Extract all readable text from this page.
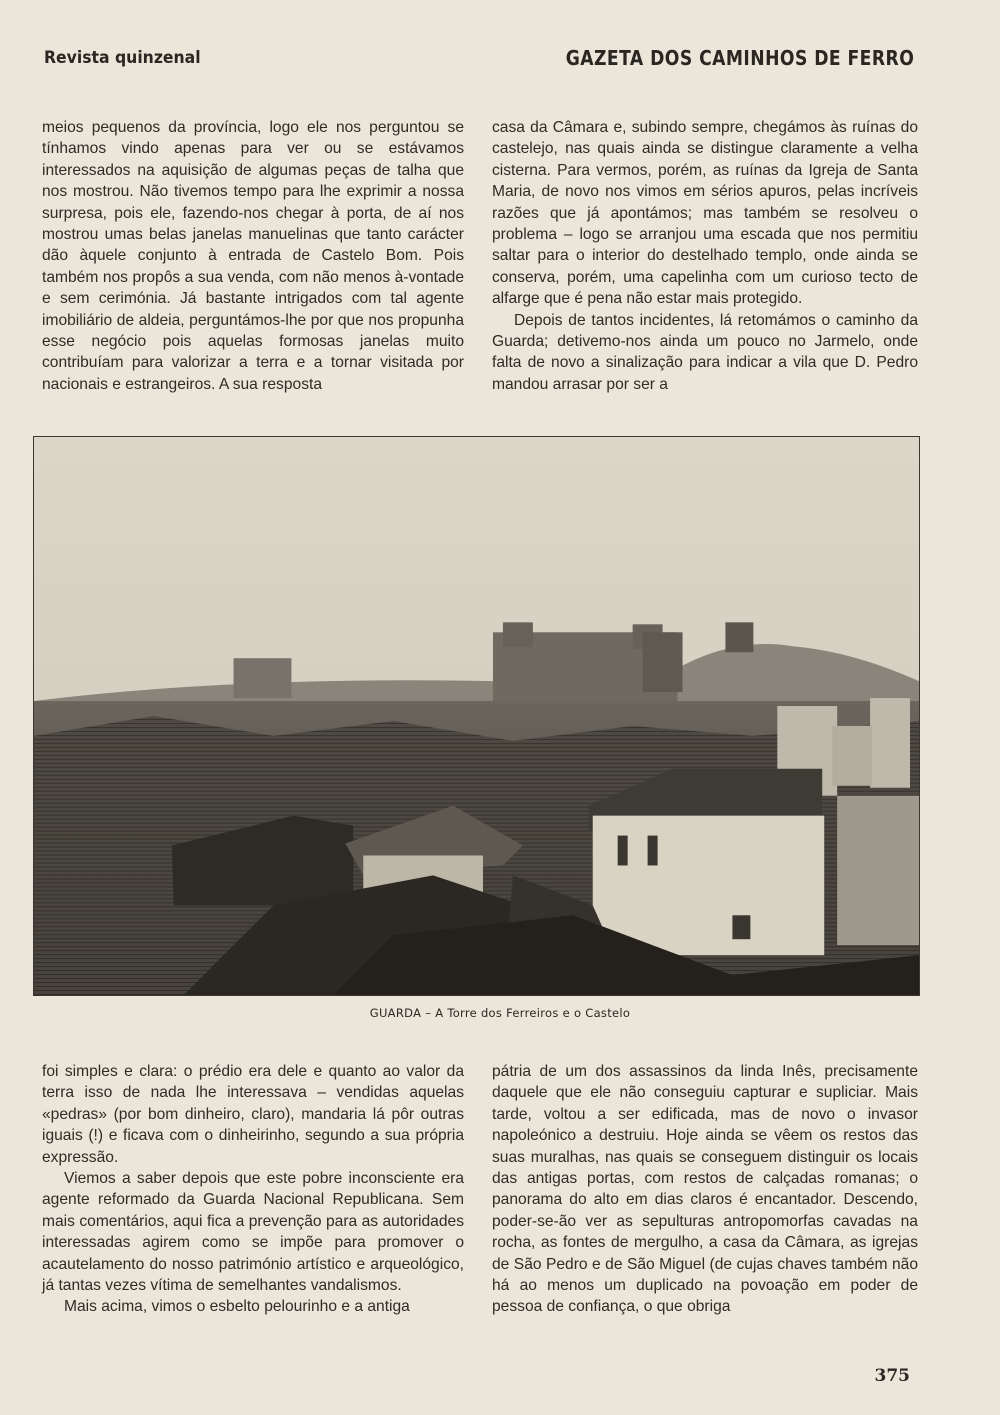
Revista quinzenal	GAZETA DOS CAMINHOS DE FERRO

meios pequenos da província, logo ele nos perguntou se tínhamos vindo apenas para ver ou se estávamos interessados na aquisição de algumas peças de talha que nos mostrou. Não tivemos tempo para lhe exprimir a nossa surpresa, pois ele, fazendo-nos chegar à porta, de aí nos mostrou umas belas janelas manuelinas que tanto carácter dão àquele conjunto à entrada de Castelo Bom. Pois também nos propôs a sua venda, com não menos à-vontade e sem cerimónia. Já bastante intrigados com tal agente imobiliário de aldeia, perguntámos-lhe por que nos propunha esse negócio pois aquelas formosas janelas muito contribuíam para valorizar a terra e a tornar visitada por nacionais e estrangeiros. A sua resposta

casa da Câmara e, subindo sempre, chegámos às ruínas do castelejo, nas quais ainda se distingue claramente a velha cisterna. Para vermos, porém, as ruínas da Igreja de Santa Maria, de novo nos vimos em sérios apuros, pelas incríveis razões que já apontámos; mas também se resolveu o problema – logo se arranjou uma escada que nos permitiu saltar para o interior do destelhado templo, onde ainda se conserva, porém, uma capelinha com um curioso tecto de alfarge que é pena não estar mais protegido.

Depois de tantos incidentes, lá retomámos o caminho da Guarda; detivemo-nos ainda um pouco no Jarmelo, onde falta de novo a sinalização para indicar a vila que D. Pedro mandou arrasar por ser a

GUARDA – A Torre dos Ferreiros e o Castelo

foi simples e clara: o prédio era dele e quanto ao valor da terra isso de nada lhe interessava – vendidas aquelas «pedras» (por bom dinheiro, claro), mandaria lá pôr outras iguais (!) e ficava com o dinheirinho, segundo a sua própria expressão.

Viemos a saber depois que este pobre inconsciente era agente reformado da Guarda Nacional Republicana. Sem mais comentários, aqui fica a prevenção para as autoridades interessadas agirem como se impõe para promover o acautelamento do nosso património artístico e arqueológico, já tantas vezes vítima de semelhantes vandalismos.

Mais acima, vimos o esbelto pelourinho e a antiga

pátria de um dos assassinos da linda Inês, precisamente daquele que ele não conseguiu capturar e supliciar. Mais tarde, voltou a ser edificada, mas de novo o invasor napoleónico a destruiu. Hoje ainda se vêem os restos das suas muralhas, nas quais se conseguem distinguir os locais das antigas portas, com restos de calçadas romanas; o panorama do alto em dias claros é encantador. Descendo, poder-se-ão ver as sepulturas antropomorfas cavadas na rocha, as fontes de mergulho, a casa da Câmara, as igrejas de São Pedro e de São Miguel (de cujas chaves também não há ao menos um duplicado na povoação em poder de pessoa de confiança, o que obriga

375
